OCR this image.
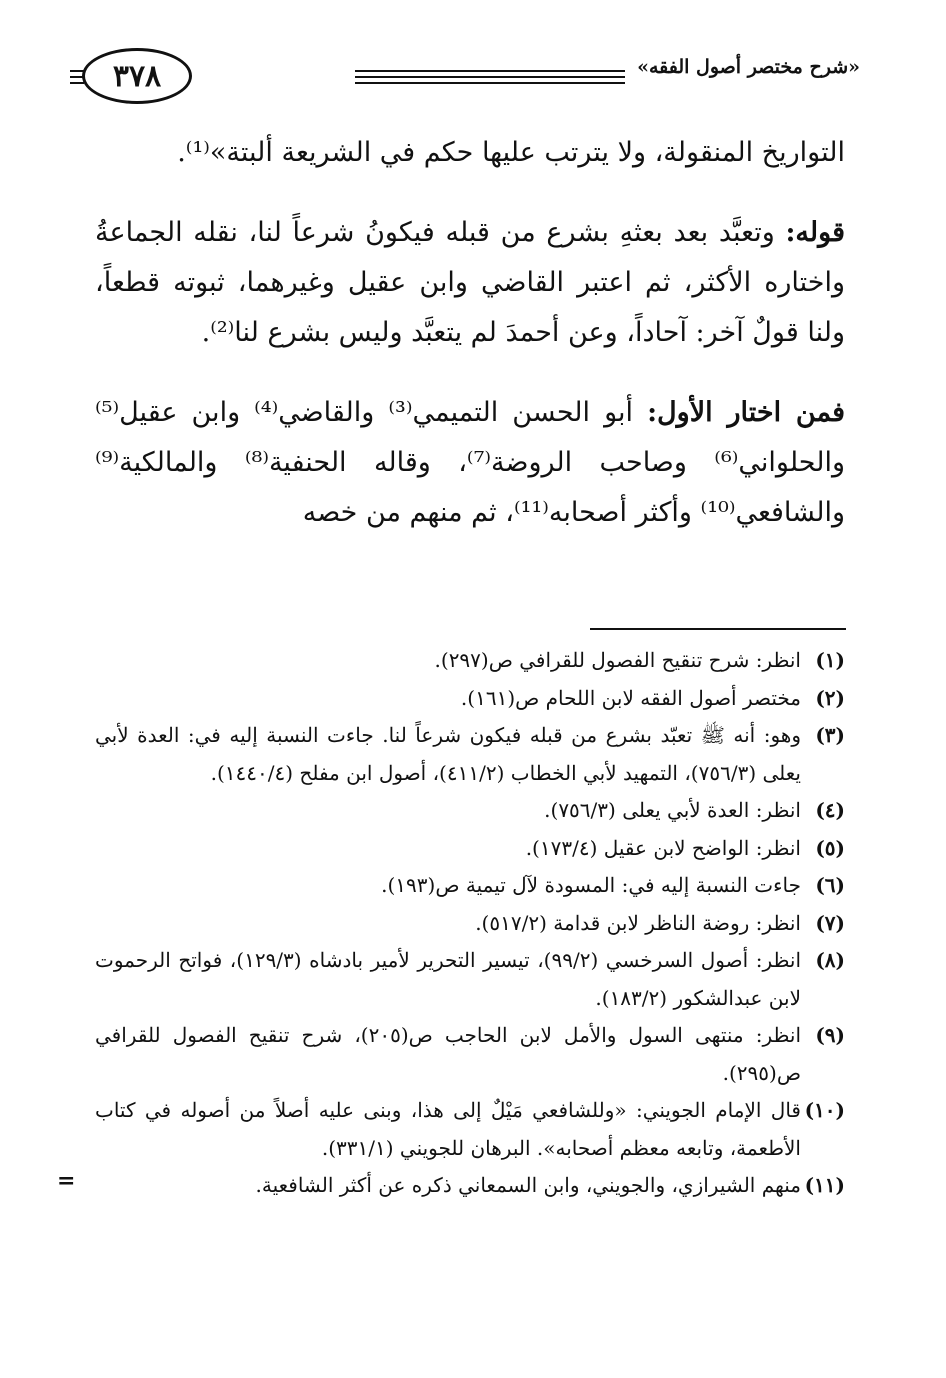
٣٧٨	«شرح مختصر أصول الفقه»

التواريخ المنقولة، ولا يترتب عليها حكم في الشريعة ألبتة»⁽¹⁾.

قوله: وتعبَّد بعد بعثهِ بشرع من قبله فيكونُ شرعاً لنا، نقله الجماعةُ واختاره الأكثر، ثم اعتبر القاضي وابن عقيل وغيرهما، ثبوته قطعاً، ولنا قولٌ آخر: آحاداً، وعن أحمدَ لم يتعبَّد وليس بشرع لنا⁽²⁾.

فمن اختار الأول: أبو الحسن التميمي⁽³⁾ والقاضي⁽⁴⁾ وابن عقيل⁽⁵⁾ والحلواني⁽⁶⁾ وصاحب الروضة⁽⁷⁾، وقاله الحنفية⁽⁸⁾ والمالكية⁽⁹⁾ والشافعي⁽¹⁰⁾ وأكثر أصحابه⁽¹¹⁾، ثم منهم من خصه

(١)
انظر: شرح تنقيح الفصول للقرافي ص(٢٩٧).
(٢)
مختصر أصول الفقه لابن اللحام ص(١٦١).
(٣)
وهو: أنه ﷺ تعبّد بشرع من قبله فيكون شرعاً لنا. جاءت النسبة إليه في: العدة لأبي يعلى (٧٥٦/٣)، التمهيد لأبي الخطاب (٤١١/٢)، أصول ابن مفلح (١٤٤٠/٤).
(٤)
انظر: العدة لأبي يعلى (٧٥٦/٣).
(٥)
انظر: الواضح لابن عقيل (١٧٣/٤).
(٦)
جاءت النسبة إليه في: المسودة لآل تيمية ص(١٩٣).
(٧)
انظر: روضة الناظر لابن قدامة (٥١٧/٢).
(٨)
انظر: أصول السرخسي (٩٩/٢)، تيسير التحرير لأمير بادشاه (١٢٩/٣)، فواتح الرحموت لابن عبدالشكور (١٨٣/٢).
(٩)
انظر: منتهى السول والأمل لابن الحاجب ص(٢٠٥)، شرح تنقيح الفصول للقرافي ص(٢٩٥).
(١٠)
قال الإمام الجويني: «وللشافعي مَيْلٌ إلى هذا، وبنى عليه أصلاً من أصوله في كتاب الأطعمة، وتابعه معظم أصحابه». البرهان للجويني (٣٣١/١).
(١١)
منهم الشيرازي، والجويني، وابن السمعاني ذكره عن أكثر الشافعية.
=
